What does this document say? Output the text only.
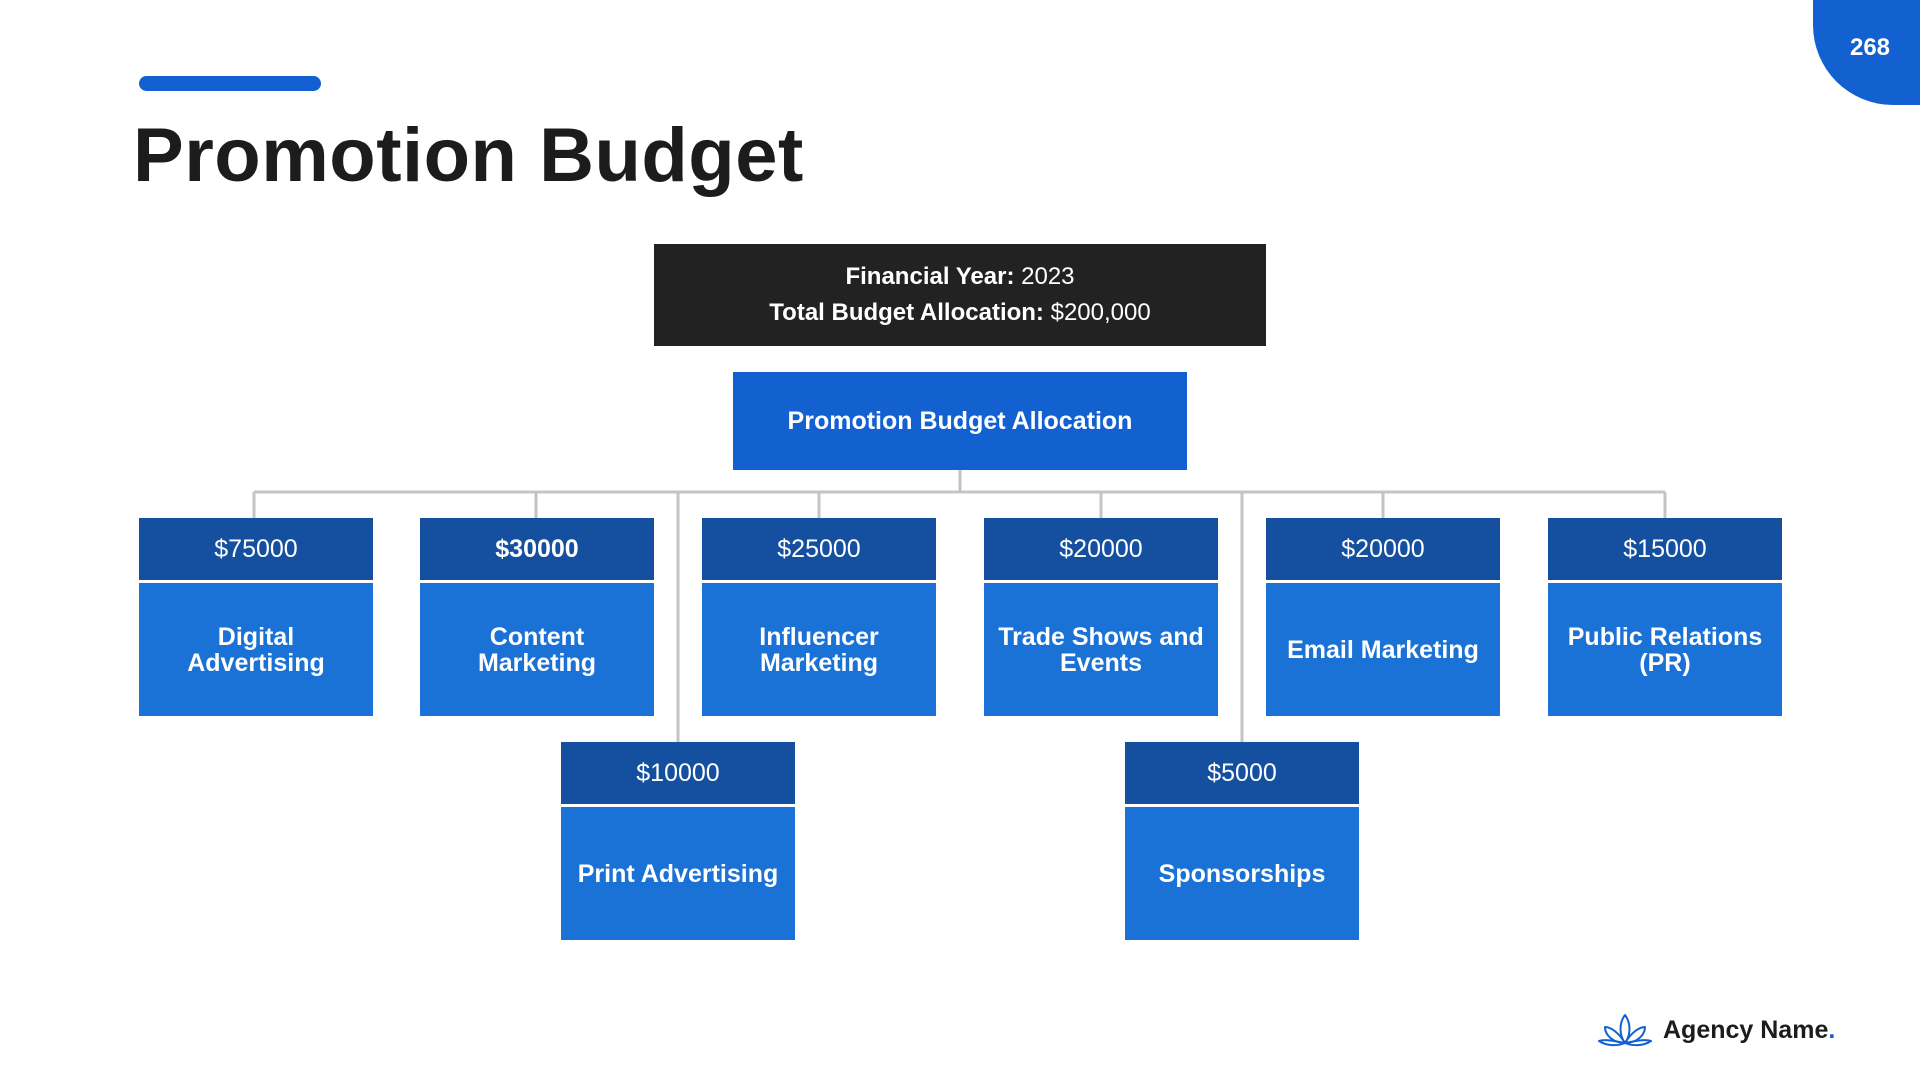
268
Promotion Budget
Financial Year: 2023
Total Budget Allocation: $200,000
Promotion Budget Allocation
$75000
Digital Advertising
$30000
Content Marketing
$25000
Influencer Marketing
$20000
Trade Shows and Events
$20000
Email Marketing
$15000
Public Relations (PR)
$10000
Print Advertising
$5000
Sponsorships
Agency Name.
